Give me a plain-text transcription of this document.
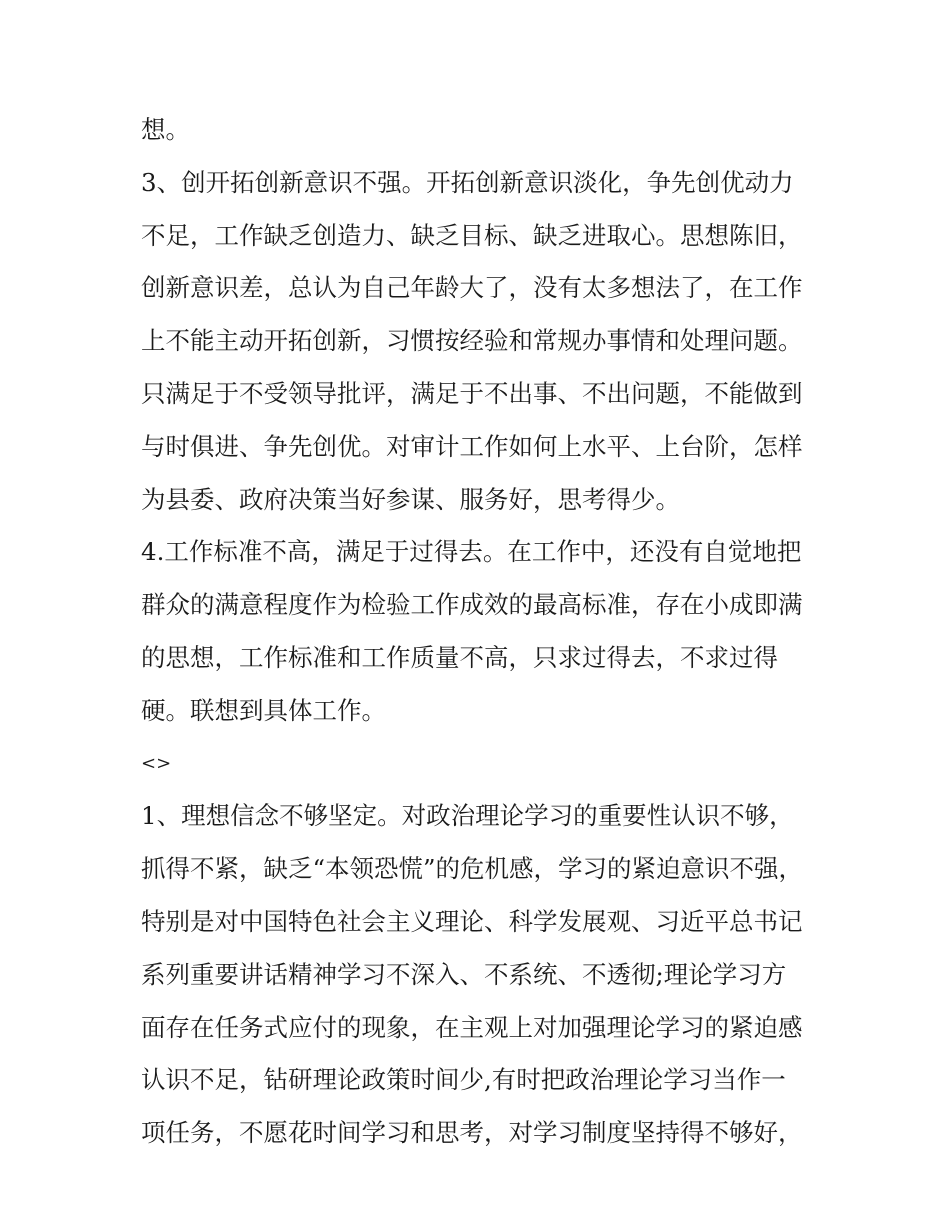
想。
3、创开拓创新意识不强。开拓创新意识淡化，争先创优动力
不足，工作缺乏创造力、缺乏目标、缺乏进取心。思想陈旧，
创新意识差，总认为自己年龄大了，没有太多想法了，在工作
上不能主动开拓创新，习惯按经验和常规办事情和处理问题。
只满足于不受领导批评，满足于不出事、不出问题，不能做到
与时俱进、争先创优。对审计工作如何上水平、上台阶，怎样
为县委、政府决策当好参谋、服务好，思考得少。
4.工作标准不高，满足于过得去。在工作中，还没有自觉地把
群众的满意程度作为检验工作成效的最高标准，存在小成即满
的思想，工作标准和工作质量不高，只求过得去，不求过得
硬。联想到具体工作。
<>
1、理想信念不够坚定。对政治理论学习的重要性认识不够，
抓得不紧，缺乏“本领恐慌”的危机感，学习的紧迫意识不强，
特别是对中国特色社会主义理论、科学发展观、习近平总书记
系列重要讲话精神学习不深入、不系统、不透彻;理论学习方
面存在任务式应付的现象，在主观上对加强理论学习的紧迫感
认识不足，钻研理论政策时间少,有时把政治理论学习当作一
项任务，不愿花时间学习和思考，对学习制度坚持得不够好，
